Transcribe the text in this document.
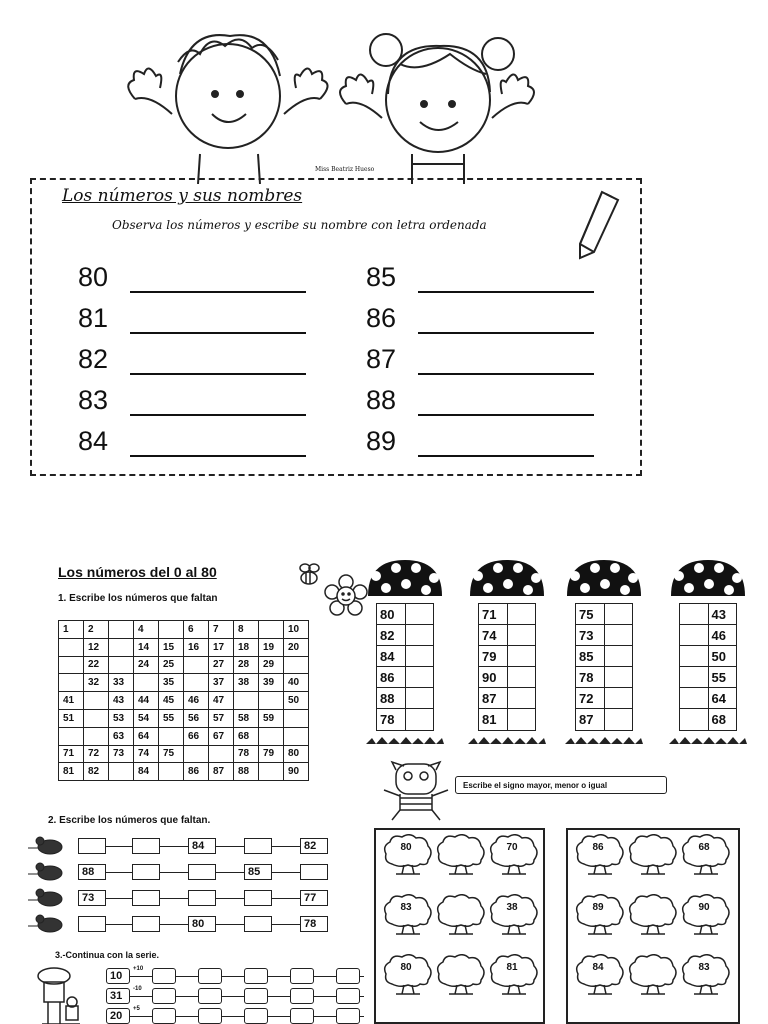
Miss Beatriz Hueso
Los números y sus nombres
Observa los números y escribe su nombre con letra ordenada
80
81
82
83
84
85
86
87
88
89
Los números del 0 al 80
1. Escribe los números que faltan
1	2		4		6	7	8		10
	12		14	15	16	17	18	19	20
	22		24	25		27	28	29	
	32	33		35		37	38	39	40
41		43	44	45	46	47			50
51		53	54	55	56	57	58	59	
		63	64		66	67	68		
71	72	73	74	75			78	79	80
81	82		84		86	87	88		90
80
82
84
86
88
78
71
74
79
90
87
81
75
73
85
78
72
87
43
46
50
55
64
68
Escribe el signo mayor, menor o igual
80	70
83	38
80	81
86	68
89	90
84	83
2. Escribe los números que faltan.
84	82
88	85
73	77
80	78
3.-Continua con la serie.
10
+10
31
-10
20
+5
